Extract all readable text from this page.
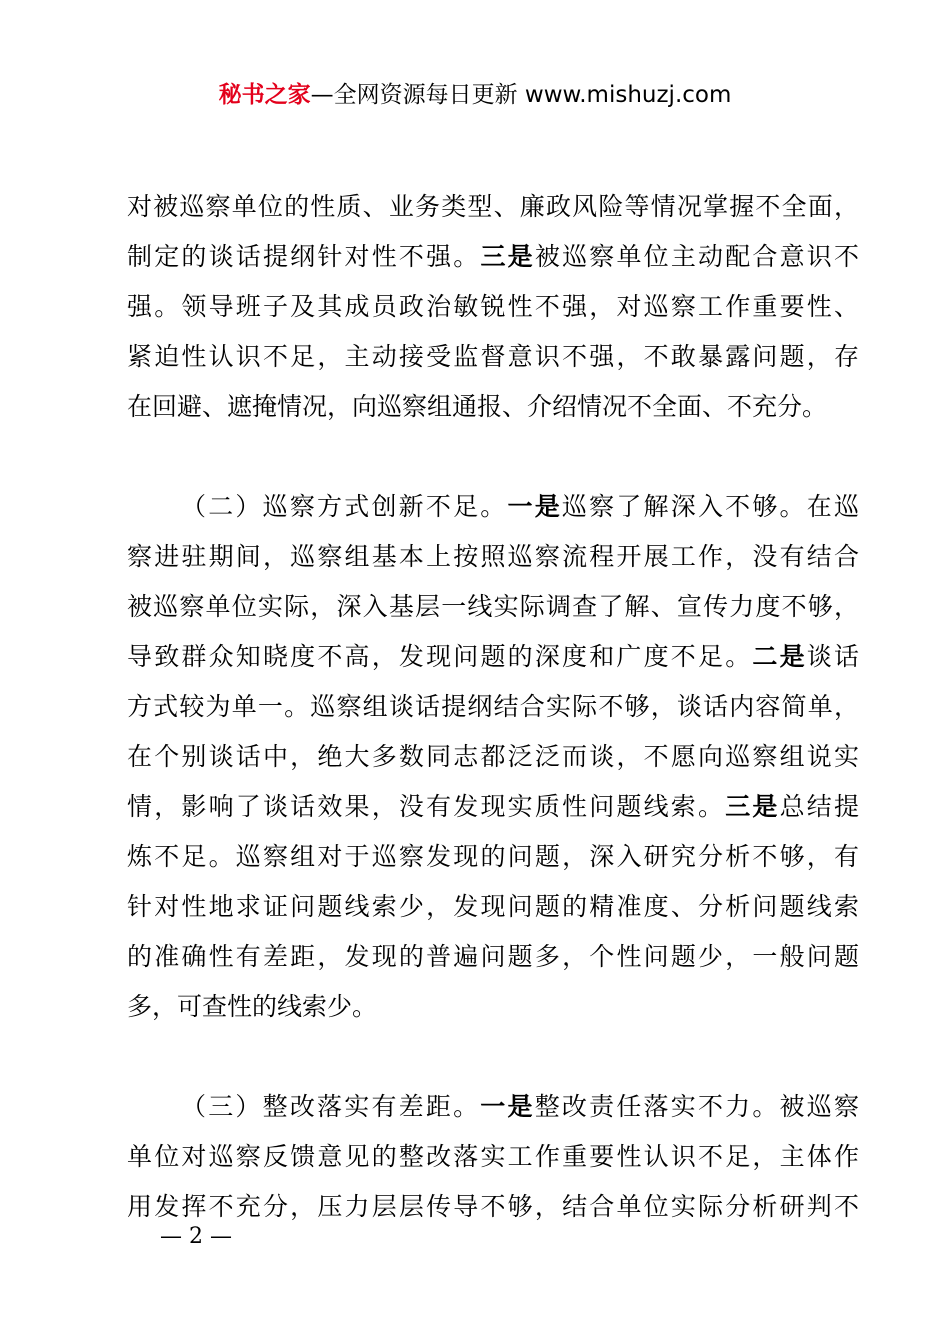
秘书之家—全网资源每日更新 www.mishuzj.com
对被巡察单位的性质、业务类型、廉政风险等情况掌握不全面，
制定的谈话提纲针对性不强。三是被巡察单位主动配合意识不
强。领导班子及其成员政治敏锐性不强，对巡察工作重要性、
紧迫性认识不足，主动接受监督意识不强，不敢暴露问题，存
在回避、遮掩情况，向巡察组通报、介绍情况不全面、不充分。
（二）巡察方式创新不足。一是巡察了解深入不够。在巡
察进驻期间，巡察组基本上按照巡察流程开展工作，没有结合
被巡察单位实际，深入基层一线实际调查了解、宣传力度不够，
导致群众知晓度不高，发现问题的深度和广度不足。二是谈话
方式较为单一。巡察组谈话提纲结合实际不够，谈话内容简单，
在个别谈话中，绝大多数同志都泛泛而谈，不愿向巡察组说实
情，影响了谈话效果，没有发现实质性问题线索。三是总结提
炼不足。巡察组对于巡察发现的问题，深入研究分析不够，有
针对性地求证问题线索少，发现问题的精准度、分析问题线索
的准确性有差距，发现的普遍问题多，个性问题少，一般问题
多，可查性的线索少。
（三）整改落实有差距。一是整改责任落实不力。被巡察
单位对巡察反馈意见的整改落实工作重要性认识不足，主体作
用发挥不充分，压力层层传导不够，结合单位实际分析研判不
— 2 —
